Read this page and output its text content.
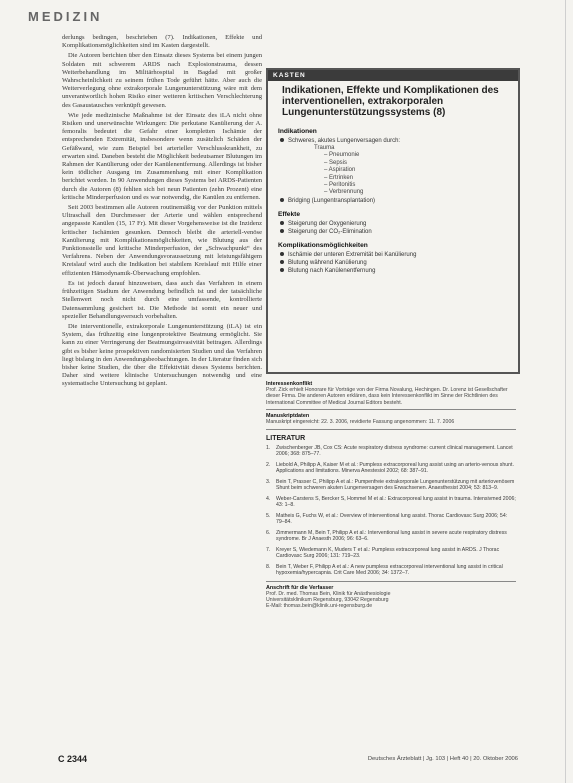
MEDIZIN

derlungs bedingen, beschrieben (7). Indikationen, Effekte und Komplikationsmöglichkeiten sind im Kasten dargestellt.

Die Autoren berichten über den Einsatz dieses Systems bei einem jungen Soldaten mit schwerem ARDS nach Explosionstrauma, dessen Weiterbehandlung im Militärhospital in Bagdad mit großer Wahrscheinlichkeit zu seinem frühen Tode geführt hätte. Aber auch die Weiterverlegung ohne extrakorporale Lungenunterstützung wäre mit dem unverantwortlich hohen Risiko einer weiteren kritischen Verschlechterung des Gasaustausches verknüpft gewesen.

Wie jede medizinische Maßnahme ist der Einsatz des iLA nicht ohne Risiken und unerwünschte Wirkungen: Die perkutane Kanülierung der A. femoralis bedeutet die Gefahr einer kompletten Ischämie der entsprechenden Extremität, insbesondere wenn zusätzlich Schäden der Gefäßwand, wie zum Beispiel bei arterieller Verschlusskrankheit, zu erwarten sind. Daneben besteht die Möglichkeit bedeutsamer Blutungen im Rahmen der Kanülierung oder der Kanülenentfernung. Allerdings ist bisher kein tödlicher Ausgang im Zusammenhang mit einer Komplikation berichtet worden. In 90 Anwendungen dieses Systems bei ARDS-Patienten durch die Autoren (8) fehlten sich bei neun Patienten (zehn Prozent) eine kritische Minderperfusion und es war notwendig, die Kanülen zu entfernen.

Seit 2003 bestimmen alle Autoren routinemäßig vor der Punktion mittels Ultraschall den Durchmesser der Arterie und wählen entsprechend angepasste Kanülen (15, 17 Fr). Mit dieser Vorgehensweise ist die Inzidenz kritischer Ischämien gesunken. Dennoch bleibt die arteriell-venöse Kanülierung mit Komplikationsmöglichkeiten, wie Blutung aus der Punktionsstelle und kritische Minderperfusion, der „Schwachpunkt“ des Verfahrens. Neben der Anwendungsvoraussetzung mit leistungsfähigem Kreislauf wird auch die Indikation bei stabilem Kreislauf mit Hilfe einer effizienten Hämodynamik-Überwachung empfohlen.

Es ist jedoch darauf hinzuweisen, dass auch das Verfahren in einem frühzeitigen Stadium der Anwendung befindlich ist und der tatsächliche Stellenwert noch nicht durch eine umfassende, kontrollierte Datensammlung gesichert ist. Die Methode ist somit ein neuer und spezieller Behandlungsversuch vorbehalten.

Die interventionelle, extrakorporale Lungenunterstützung (iLA) ist ein System, das frühzeitig eine lungenprotektive Beatmung ermöglicht. Sie kann zu einer Verringerung der Beatmungsinvasivität beitragen. Allerdings gibt es bisher keine prospektiven randomisierten Studien und das Verfahren liegt bislang in den Anwendungsbeobachtungen. In der Literatur finden sich bisher keine Studien, die über die Effektivität dieses Systems berichten. Daher sind weitere klinische Untersuchungen notwendig und eine systematische Untersuchung ist geplant.

KASTEN
Indikationen, Effekte und Komplikationen des interventionellen, extrakorporalen Lungenunterstützungssystems (8)
Indikationen
Schweres, akutes Lungenversagen durch:
Trauma
– Pneumonie
– Sepsis
– Aspiration
– Ertrinken
– Peritonitis
– Verbrennung
Bridging (Lungentransplantation)
Effekte
Steigerung der Oxygenierung
Steigerung der CO₂-Elimination
Komplikationsmöglichkeiten
Ischämie der unteren Extremität bei Kanülierung
Blutung während Kanülierung
Blutung nach Kanülenentfernung
Interessenkonflikt
Prof. Zick erhielt Honorare für Vorträge von der Firma Novalung, Hechingen. Dr. Lorenz ist Gesellschafter dieser Firma. Die anderen Autoren erklären, dass kein Interessenkonflikt im Sinne der Richtlinien des International Committee of Medical Journal Editors besteht.
Manuskriptdaten
Manuskript eingereicht: 22. 3. 2006, revidierte Fassung angenommen: 11. 7. 2006
LITERATUR
1. Zwischenberger JB, Cox CS: Acute respiratory distress syndrome: current clinical management. Lancet 2006; 368: 875–77.
2. Liebold A, Philipp A, Kaiser M et al.: Pumpless extracorporeal lung assist using an arterio-venous shunt. Applications and limitations. Minerva Anestesiol 2002; 68: 387–91.
3. Bein T, Prasser C, Philipp A et al.: Pumpenfreie extrakorporale Lungenunterstützung mit arteriovenösem Shunt beim schweren akuten Lungenversagen des Erwachsenen. Anaesthesist 2004; 53: 813–9.
4. Weber-Carstens S, Bercker S, Hommel M et al.: Extracorporeal lung assist in trauma. Intensivmed 2006; 43: 1–8.
5. Matheis G, Fuchs W, et al.: Overview of interventional lung assist. Thorac Cardiovasc Surg 2006; 54: 79–84.
6. Zimmermann M, Bein T, Philipp A et al.: Interventional lung assist in severe acute respiratory distress syndrome. Br J Anaesth 2006; 96: 63–6.
7. Kreyer S, Wiedemann K, Muders T et al.: Pumpless extracorporeal lung assist in ARDS. J Thorac Cardiovasc Surg 2006; 131: 719–23.
8. Bein T, Weber F, Philipp A et al.: A new pumpless extracorporeal interventional lung assist in critical hypoxemia/hypercapnia. Crit Care Med 2006; 34: 1372–7.
Anschrift für die Verfasser
Prof. Dr. med. Thomas Bein, Klinik für Anästhesiologie
Universitätsklinikum Regensburg, 93042 Regensburg
E-Mail: thomas.bein@klinik.uni-regensburg.de
C 2344	Deutsches Ärzteblatt | Jg. 103 | Heft 40 | 20. Oktober 2006
